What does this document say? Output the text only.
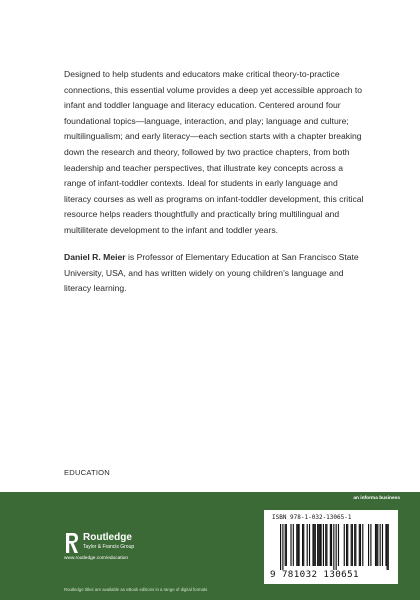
Designed to help students and educators make critical theory-to-practice connections, this essential volume provides a deep yet accessible approach to infant and toddler language and literacy education. Centered around four foundational topics—language, interaction, and play; language and culture; multilingualism; and early literacy—each section starts with a chapter breaking down the research and theory, followed by two practice chapters, from both leadership and teacher perspectives, that illustrate key concepts across a range of infant-toddler contexts. Ideal for students in early language and literacy courses as well as programs on infant-toddler development, this critical resource helps readers thoughtfully and practically bring multilingual and multiliterate development to the infant and toddler years.

Daniel R. Meier is Professor of Elementary Education at San Francisco State University, USA, and has written widely on young children's language and literacy learning.

EDUCATION

an informa business
Routledge
Taylor & Francis Group
www.routledge.com/education
Routledge titles are available as eBook editions in a range of digital formats
ISBN 978-1-032-13065-1
9 781032 130651
